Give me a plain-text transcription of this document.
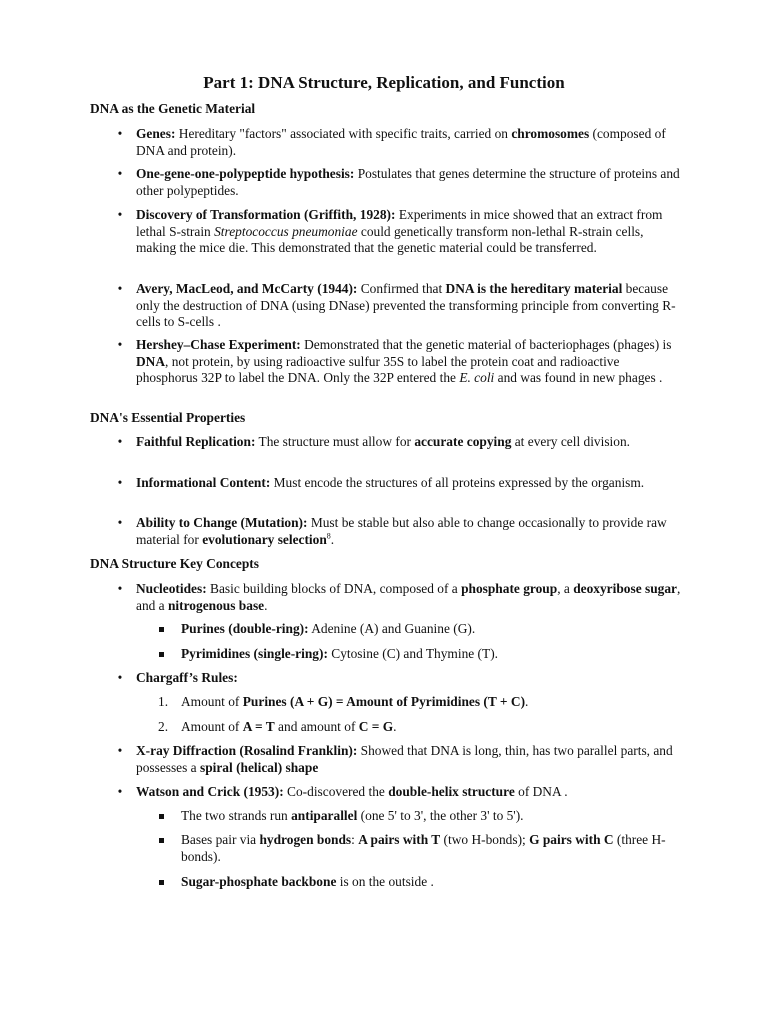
Part 1: DNA Structure, Replication, and Function
DNA as the Genetic Material
• Genes: Hereditary "factors" associated with specific traits, carried on chromosomes (composed of DNA and protein).
• One-gene-one-polypeptide hypothesis: Postulates that genes determine the structure of proteins and other polypeptides.
• Discovery of Transformation (Griffith, 1928): Experiments in mice showed that an extract from lethal S-strain Streptococcus pneumoniae could genetically transform non-lethal R-strain cells, making the mice die. This demonstrated that the genetic material could be transferred.
• Avery, MacLeod, and McCarty (1944): Confirmed that DNA is the hereditary material because only the destruction of DNA (using DNase) prevented the transforming principle from converting R-cells to S-cells .
• Hershey–Chase Experiment: Demonstrated that the genetic material of bacteriophages (phages) is DNA, not protein, by using radioactive sulfur 35S to label the protein coat and radioactive phosphorus 32P to label the DNA. Only the 32P entered the E. coli and was found in new phages .
DNA's Essential Properties
• Faithful Replication: The structure must allow for accurate copying at every cell division.
• Informational Content: Must encode the structures of all proteins expressed by the organism.
• Ability to Change (Mutation): Must be stable but also able to change occasionally to provide raw material for evolutionary selection$^8$.
DNA Structure Key Concepts
• Nucleotides: Basic building blocks of DNA, composed of a phosphate group, a deoxyribose sugar, and a nitrogenous base.
Purines (double-ring): Adenine (A) and Guanine (G).
Pyrimidines (single-ring): Cytosine (C) and Thymine (T).
• Chargaff’s Rules:
1. Amount of Purines (A + G) = Amount of Pyrimidines (T + C).
2. Amount of A = T and amount of C = G.
• X-ray Diffraction (Rosalind Franklin): Showed that DNA is long, thin, has two parallel parts, and possesses a spiral (helical) shape
• Watson and Crick (1953): Co-discovered the double-helix structure of DNA .
The two strands run antiparallel (one 5' to 3', the other 3' to 5').
Bases pair via hydrogen bonds: A pairs with T (two H-bonds); G pairs with C (three H-bonds).
Sugar-phosphate backbone is on the outside .
